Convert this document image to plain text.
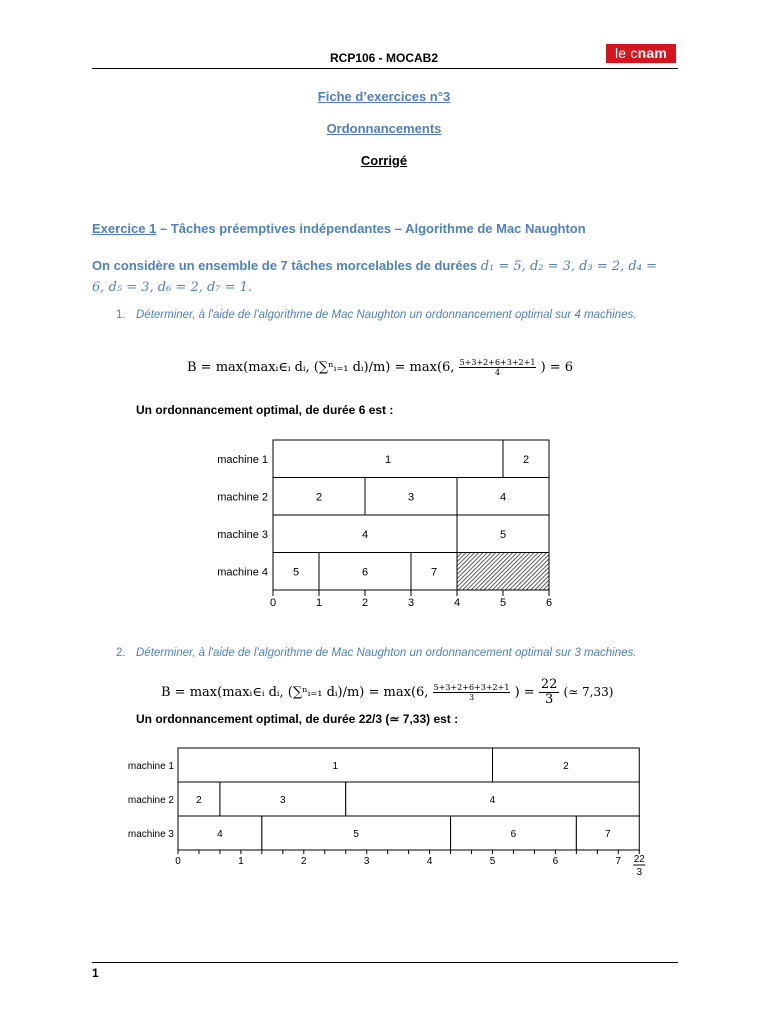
RCP106 - MOCAB2	le cnam
Fiche d’exercices n°3
Ordonnancements
Corrigé
Exercice 1 – Tâches préemptives indépendantes – Algorithme de Mac Naughton
On considère un ensemble de 7 tâches morcelables de durées d₁ = 5, d₂ = 3, d₃ = 2, d₄ =
6, d₅ = 3, d₆ = 2, d₇ = 1.
1. Déterminer, à l'aide de l'algorithme de Mac Naughton un ordonnancement optimal sur 4 machines.
B = max(maxᵢ∈ᵢ dᵢ, (∑ⁿᵢ₌₁ dᵢ)/m) = max(6, $\frac{5+3+2+6+3+2+1}{4}$ ) = 6
Un ordonnancement optimal, de durée 6 est :
machine 1	1	2
machine 2	2	3	4
machine 3	4	5
machine 4 5	6	7
0	1	2	3	4	5	6
2. Déterminer, à l'aide de l'algorithme de Mac Naughton un ordonnancement optimal sur 3 machines.
B = max(maxᵢ∈ᵢ dᵢ, (∑ⁿᵢ₌₁ dᵢ)/m) = max(6, $\frac{5+3+2+6+3+2+1}{3}$ ) = $\frac{22}{3}$ (≃ 7,33)
Un ordonnancement optimal, de durée 22/3 (≃ 7,33) est :
machine 1	1	2
machine 2 2	3	4
machine 3	4	5	6	7
0	1	2	3	4	5	6	7 22
3
1
